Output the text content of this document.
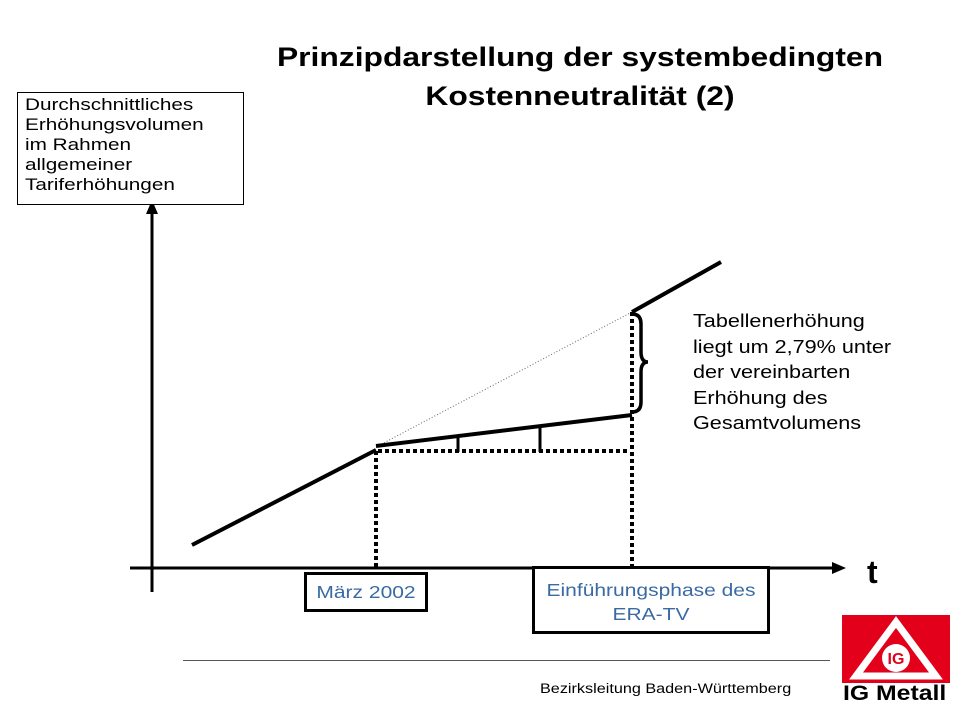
Prinzipdarstellung der systembedingten
Kostenneutralität (2)
Durchschnittliches
Erhöhungsvolumen
im Rahmen
allgemeiner
Tariferhöhungen
Tabellenerhöhung
liegt um 2,79% unter
der vereinbarten
Erhöhung des
Gesamtvolumens
t
März 2002	Einführungsphase des
ERA-TV
Bezirksleitung Baden-Württemberg
IG
IG Metall
